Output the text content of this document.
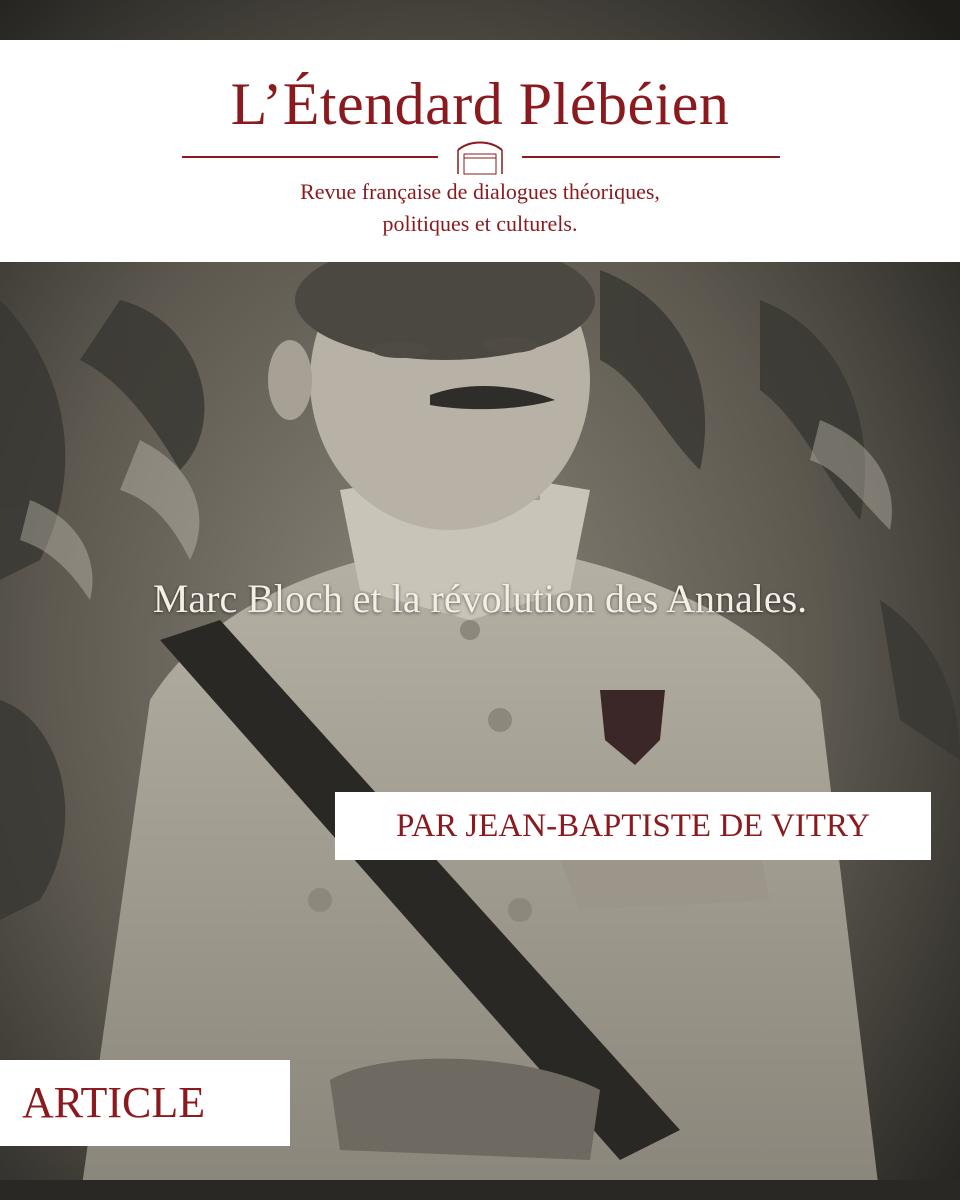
L’Étendard Plébéien
Revue française de dialogues théoriques,
politiques et culturels.
Marc Bloch et la révolution des Annales.
PAR JEAN-BAPTISTE DE VITRY
ARTICLE
